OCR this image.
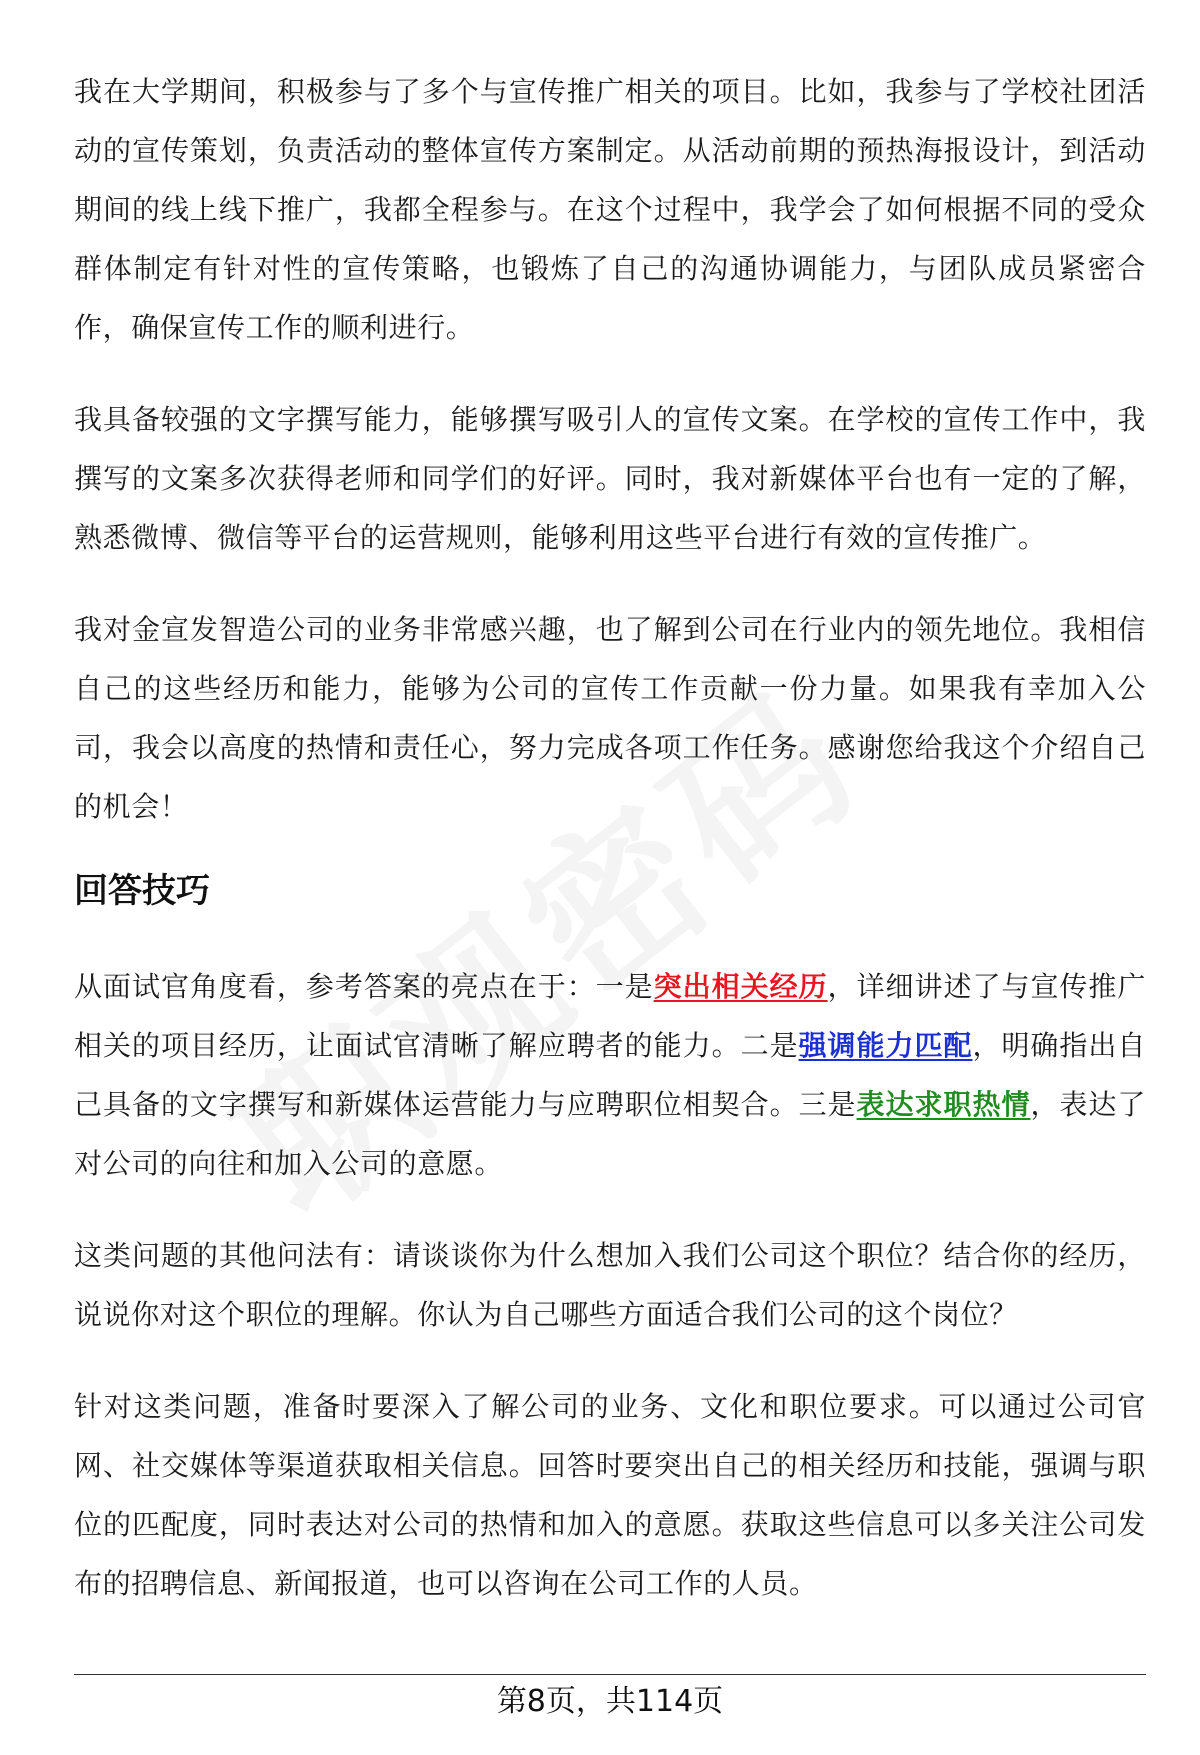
我在大学期间，积极参与了多个与宣传推广相关的项目。比如，我参与了学校社团活动的宣传策划，负责活动的整体宣传方案制定。从活动前期的预热海报设计，到活动期间的线上线下推广，我都全程参与。在这个过程中，我学会了如何根据不同的受众群体制定有针对性的宣传策略，也锻炼了自己的沟通协调能力，与团队成员紧密合作，确保宣传工作的顺利进行。

我具备较强的文字撰写能力，能够撰写吸引人的宣传文案。在学校的宣传工作中，我撰写的文案多次获得老师和同学们的好评。同时，我对新媒体平台也有一定的了解，熟悉微博、微信等平台的运营规则，能够利用这些平台进行有效的宣传推广。

我对金宣发智造公司的业务非常感兴趣，也了解到公司在行业内的领先地位。我相信自己的这些经历和能力，能够为公司的宣传工作贡献一份力量。如果我有幸加入公司，我会以高度的热情和责任心，努力完成各项工作任务。感谢您给我这个介绍自己的机会！

回答技巧

从面试官角度看，参考答案的亮点在于：一是突出相关经历，详细讲述了与宣传推广相关的项目经历，让面试官清晰了解应聘者的能力。二是强调能力匹配，明确指出自己具备的文字撰写和新媒体运营能力与应聘职位相契合。三是表达求职热情，表达了对公司的向往和加入公司的意愿。

这类问题的其他问法有：请谈谈你为什么想加入我们公司这个职位？结合你的经历，说说你对这个职位的理解。你认为自己哪些方面适合我们公司的这个岗位？

针对这类问题，准备时要深入了解公司的业务、文化和职位要求。可以通过公司官网、社交媒体等渠道获取相关信息。回答时要突出自己的相关经历和技能，强调与职位的匹配度，同时表达对公司的热情和加入的意愿。获取这些信息可以多关注公司发布的招聘信息、新闻报道，也可以咨询在公司工作的人员。

第8页，共114页
